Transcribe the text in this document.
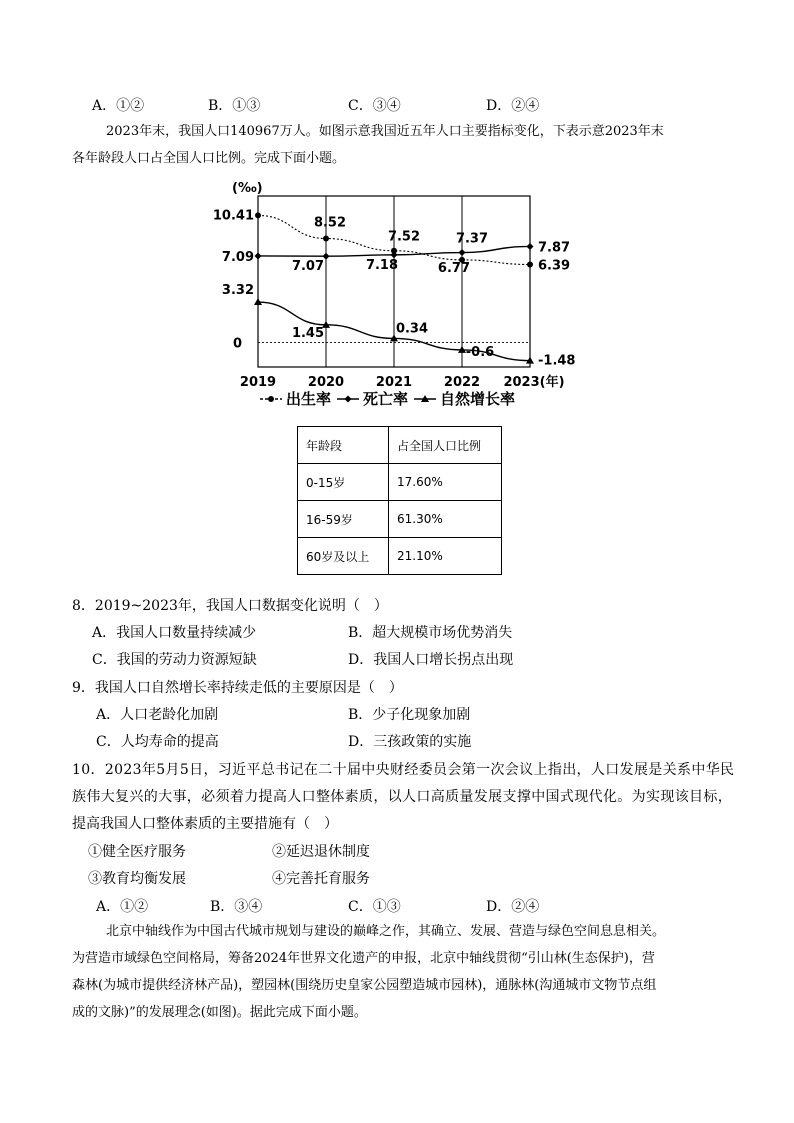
A．①②	B．①③	C．③④	D．②④
2023年末，我国人口140967万人。如图示意我国近五年人口主要指标变化，下表示意2023年末
各年龄段人口占全国人口比例。完成下面小题。
0
(‰)
2019 2020 2021 2022 2023(年)
10.41	8.52
7.52
6.77	6.39
7.09
7.07	7.18
7.37
7.87
3.32
1.45	0.34
-0.6
-1.48
出生率 死亡率 自然增长率
年龄段	占全国人口比例
0-15岁	17.60%
16-59岁	61.30%
60岁及以上	21.10%
8．2019~2023年，我国人口数据变化说明（　）
A．我国人口数量持续减少	B．超大规模市场优势消失
C．我国的劳动力资源短缺	D．我国人口增长拐点出现
9．我国人口自然增长率持续走低的主要原因是（　）
A．人口老龄化加剧	B．少子化现象加剧
C．人均寿命的提高	D．三孩政策的实施
10．2023年5月5日，习近平总书记在二十届中央财经委员会第一次会议上指出，人口发展是关系中华民
族伟大复兴的大事，必须着力提高人口整体素质，以人口高质量发展支撑中国式现代化。为实现该目标，
提高我国人口整体素质的主要措施有（　）
①健全医疗服务	②延迟退休制度
③教育均衡发展	④完善托育服务
A．①②	B．③④	C．①③	D．②④
北京中轴线作为中国古代城市规划与建设的巅峰之作，其确立、发展、营造与绿色空间息息相关。
为营造市域绿色空间格局，筹备2024年世界文化遗产的申报，北京中轴线贯彻“引山林(生态保护)，营
森林(为城市提供经济林产品)，塑园林(围绕历史皇家公园塑造城市园林)，通脉林(沟通城市文物节点组
成的文脉)”的发展理念(如图)。据此完成下面小题。
